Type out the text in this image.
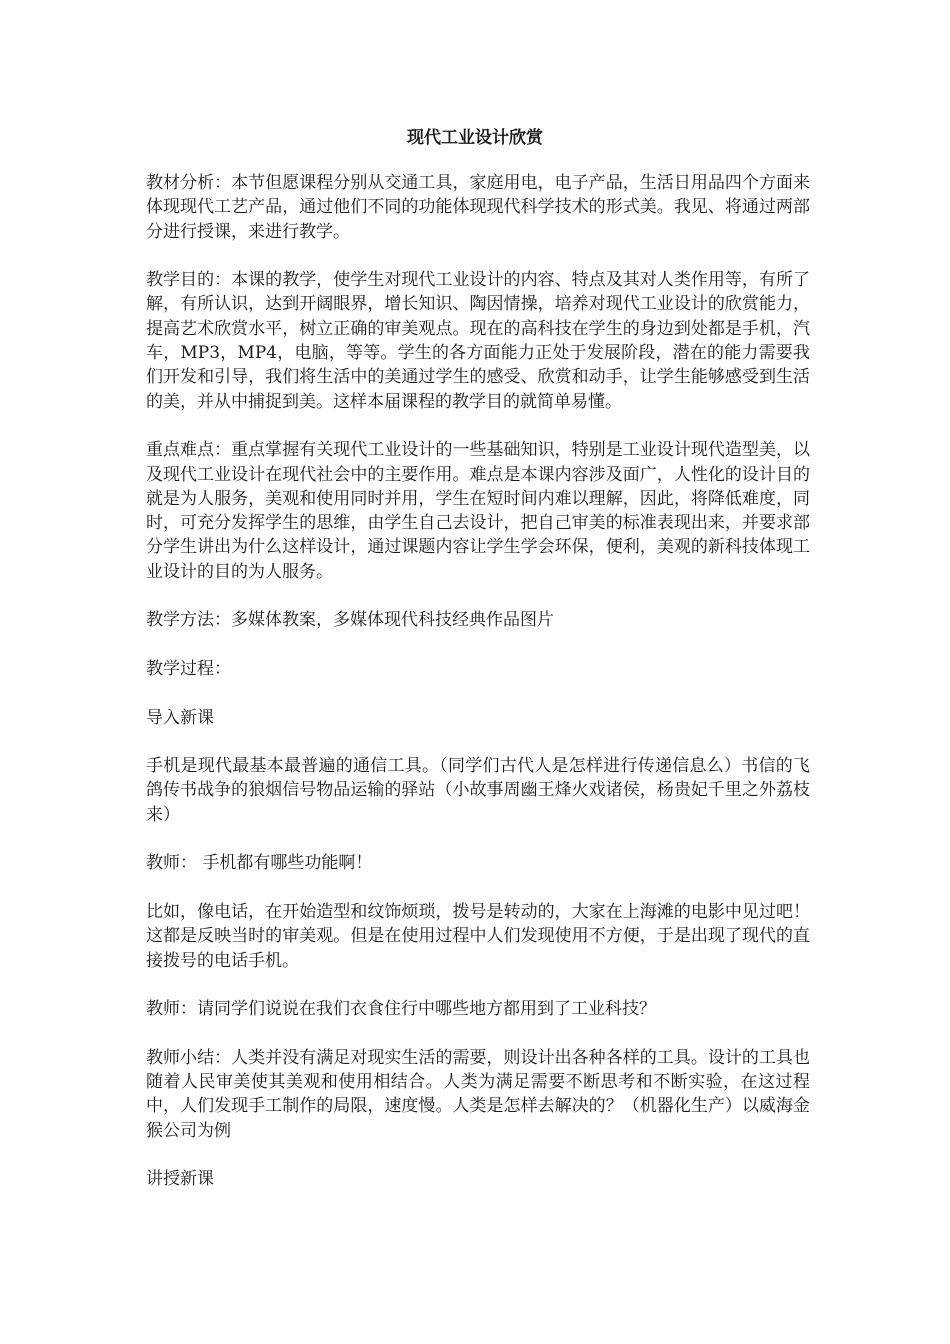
现代工业设计欣赏

教材分析：本节但愿课程分别从交通工具，家庭用电，电子产品，生活日用品四个方面来体现现代工艺产品，通过他们不同的功能体现现代科学技术的形式美。我见、将通过两部分进行授课，来进行教学。

教学目的：本课的教学，使学生对现代工业设计的内容、特点及其对人类作用等，有所了解，有所认识，达到开阔眼界，增长知识、陶因情操，培养对现代工业设计的欣赏能力，提高艺术欣赏水平，树立正确的审美观点。现在的高科技在学生的身边到处都是手机，汽车，MP3，MP4，电脑，等等。学生的各方面能力正处于发展阶段，潜在的能力需要我们开发和引导，我们将生活中的美通过学生的感受、欣赏和动手，让学生能够感受到生活的美，并从中捕捉到美。这样本届课程的教学目的就简单易懂。

重点难点：重点掌握有关现代工业设计的一些基础知识，特别是工业设计现代造型美，以及现代工业设计在现代社会中的主要作用。难点是本课内容涉及面广，人性化的设计目的就是为人服务，美观和使用同时并用，学生在短时间内难以理解，因此，将降低难度，同时，可充分发挥学生的思维，由学生自己去设计，把自己审美的标准表现出来，并要求部分学生讲出为什么这样设计，通过课题内容让学生学会环保，便利，美观的新科技体现工业设计的目的为人服务。

教学方法：多媒体教案，多媒体现代科技经典作品图片

教学过程：

导入新课

手机是现代最基本最普遍的通信工具。（同学们古代人是怎样进行传递信息么）书信的飞鸽传书战争的狼烟信号物品运输的驿站（小故事周幽王烽火戏诸侯，杨贵妃千里之外荔枝来）

教师： 手机都有哪些功能啊！

比如，像电话，在开始造型和纹饰烦琐，拨号是转动的，大家在上海滩的电影中见过吧！这都是反映当时的审美观。但是在使用过程中人们发现使用不方便，于是出现了现代的直接拨号的电话手机。

教师：请同学们说说在我们衣食住行中哪些地方都用到了工业科技？

教师小结：人类并没有满足对现实生活的需要，则设计出各种各样的工具。设计的工具也随着人民审美使其美观和使用相结合。人类为满足需要不断思考和不断实验，在这过程中，人们发现手工制作的局限，速度慢。人类是怎样去解决的？（机器化生产）以威海金猴公司为例

讲授新课
